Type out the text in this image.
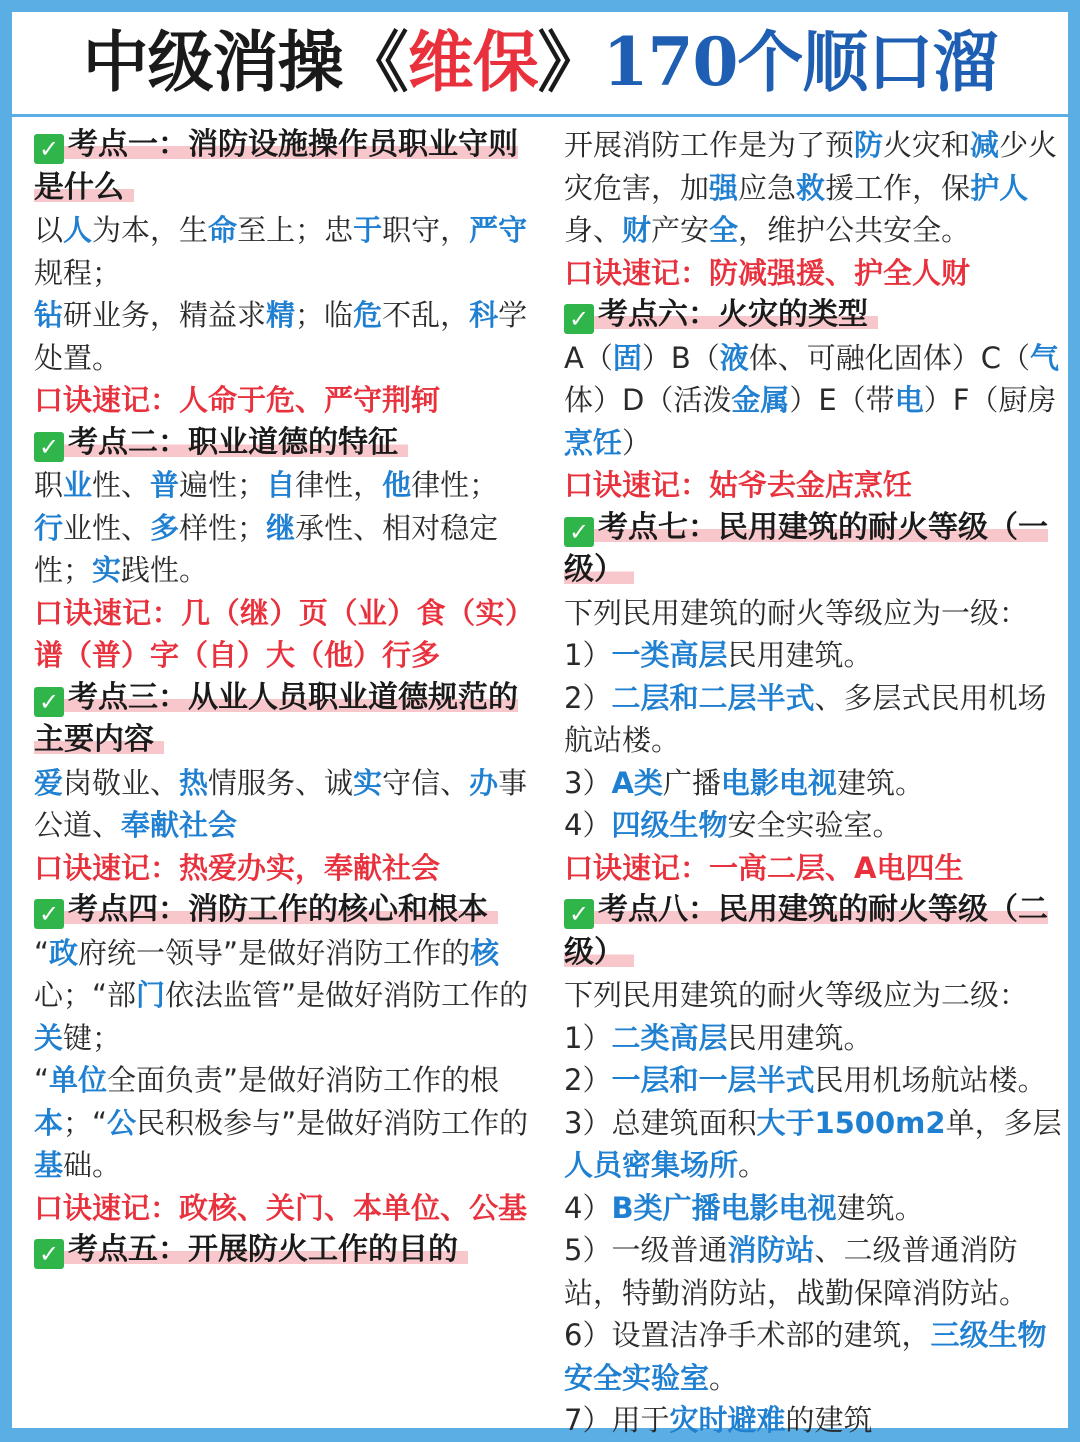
中级消操《维保》170个顺口溜

✓ 考点一：消防设施操作员职业守则是什么

以人为本，生命至上；忠于职守，严守规程；
钻研业务，精益求精；临危不乱，科学处置。

口诀速记：人命于危、严守荆轲

✓ 考点二：职业道德的特征

职业性、普遍性；自律性，他律性；
行业性、多样性；继承性、相对稳定性；实践性。

口诀速记：几（继）页（业）食（实）谱（普）字（自）大（他）行多

✓ 考点三：从业人员职业道德规范的主要内容

爱岗敬业、热情服务、诚实守信、办事公道、奉献社会

口诀速记：热爱办实，奉献社会

✓ 考点四：消防工作的核心和根本

“政府统一领导”是做好消防工作的核心；“部门依法监管”是做好消防工作的关键；

“单位全面负责”是做好消防工作的根本；“公民积极参与”是做好消防工作的基础。

口诀速记：政核、关门、本单位、公基

✓ 考点五：开展防火工作的目的

开展消防工作是为了预防火灾和减少火灾危害，加强应急救援工作，保护人身、财产安全，维护公共安全。

口诀速记：防减强援、护全人财

✓ 考点六：火灾的类型

A（固）B（液体、可融化固体）C（气体）D（活泼金属）E（带电）F（厨房烹饪）

口诀速记：姑爷去金店烹饪

✓ 考点七：民用建筑的耐火等级（一级）

下列民用建筑的耐火等级应为一级：

1）一类高层民用建筑。

2）二层和二层半式、多层式民用机场航站楼。

3）A类广播电影电视建筑。

4）四级生物安全实验室。

口诀速记：一高二层、A电四生

✓ 考点八：民用建筑的耐火等级（二级）

下列民用建筑的耐火等级应为二级：

1）二类高层民用建筑。

2）一层和一层半式民用机场航站楼。

3）总建筑面积大于1500m2单，多层人员密集场所。

4）B类广播电影电视建筑。

5）一级普通消防站、二级普通消防站，特勤消防站，战勤保障消防站。

6）设置洁净手术部的建筑，三级生物安全实验室。

7）用于灾时避难的建筑
